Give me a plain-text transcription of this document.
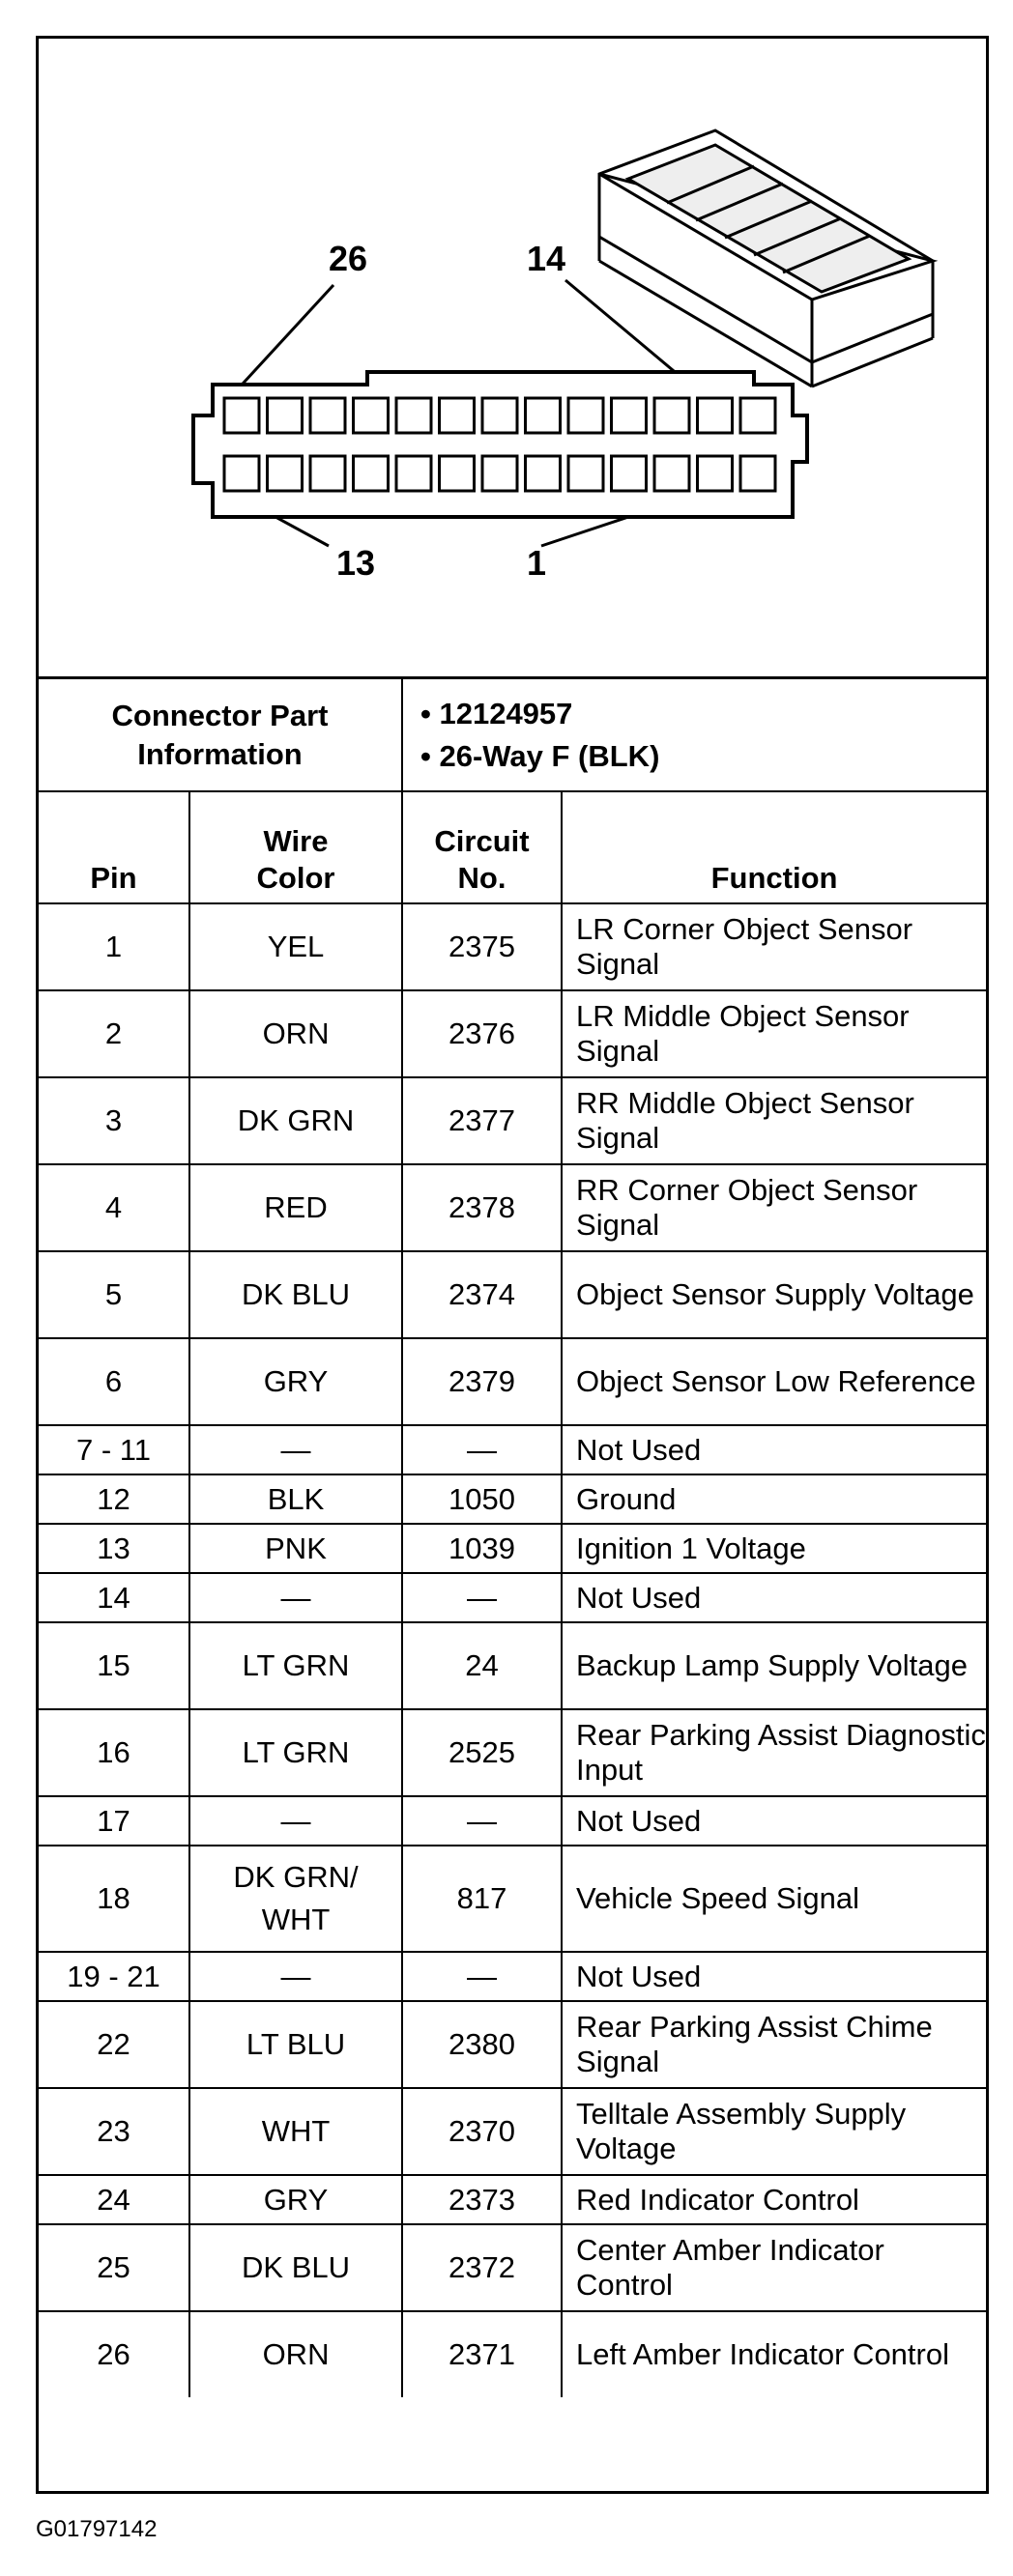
26	14
13	1
Connector Part Information		• 12124957
• 26-Way F (BLK)	

Pin	Wire Color	Circuit No.	Function
1	YEL	2375	LR Corner Object Sensor Signal
2	ORN	2376	LR Middle Object Sensor Signal
3	DK GRN	2377	RR Middle Object Sensor Signal
4	RED	2378	RR Corner Object Sensor Signal
5	DK BLU	2374	Object Sensor Supply Voltage
6	GRY	2379	Object Sensor Low Reference
7 - 11	—	—	Not Used
12	BLK	1050	Ground
13	PNK	1039	Ignition 1 Voltage
14	—	—	Not Used
15	LT GRN	24	Backup Lamp Supply Voltage
16	LT GRN	2525	Rear Parking Assist Diagnostic Input
17	—	—	Not Used
18	DK GRN/ WHT	817	Vehicle Speed Signal
19 - 21	—	—	Not Used
22	LT BLU	2380	Rear Parking Assist Chime Signal
23	WHT	2370	Telltale Assembly Supply Voltage
24	GRY	2373	Red Indicator Control
25	DK BLU	2372	Center Amber Indicator Control
26	ORN	2371	Left Amber Indicator Control
G01797142
